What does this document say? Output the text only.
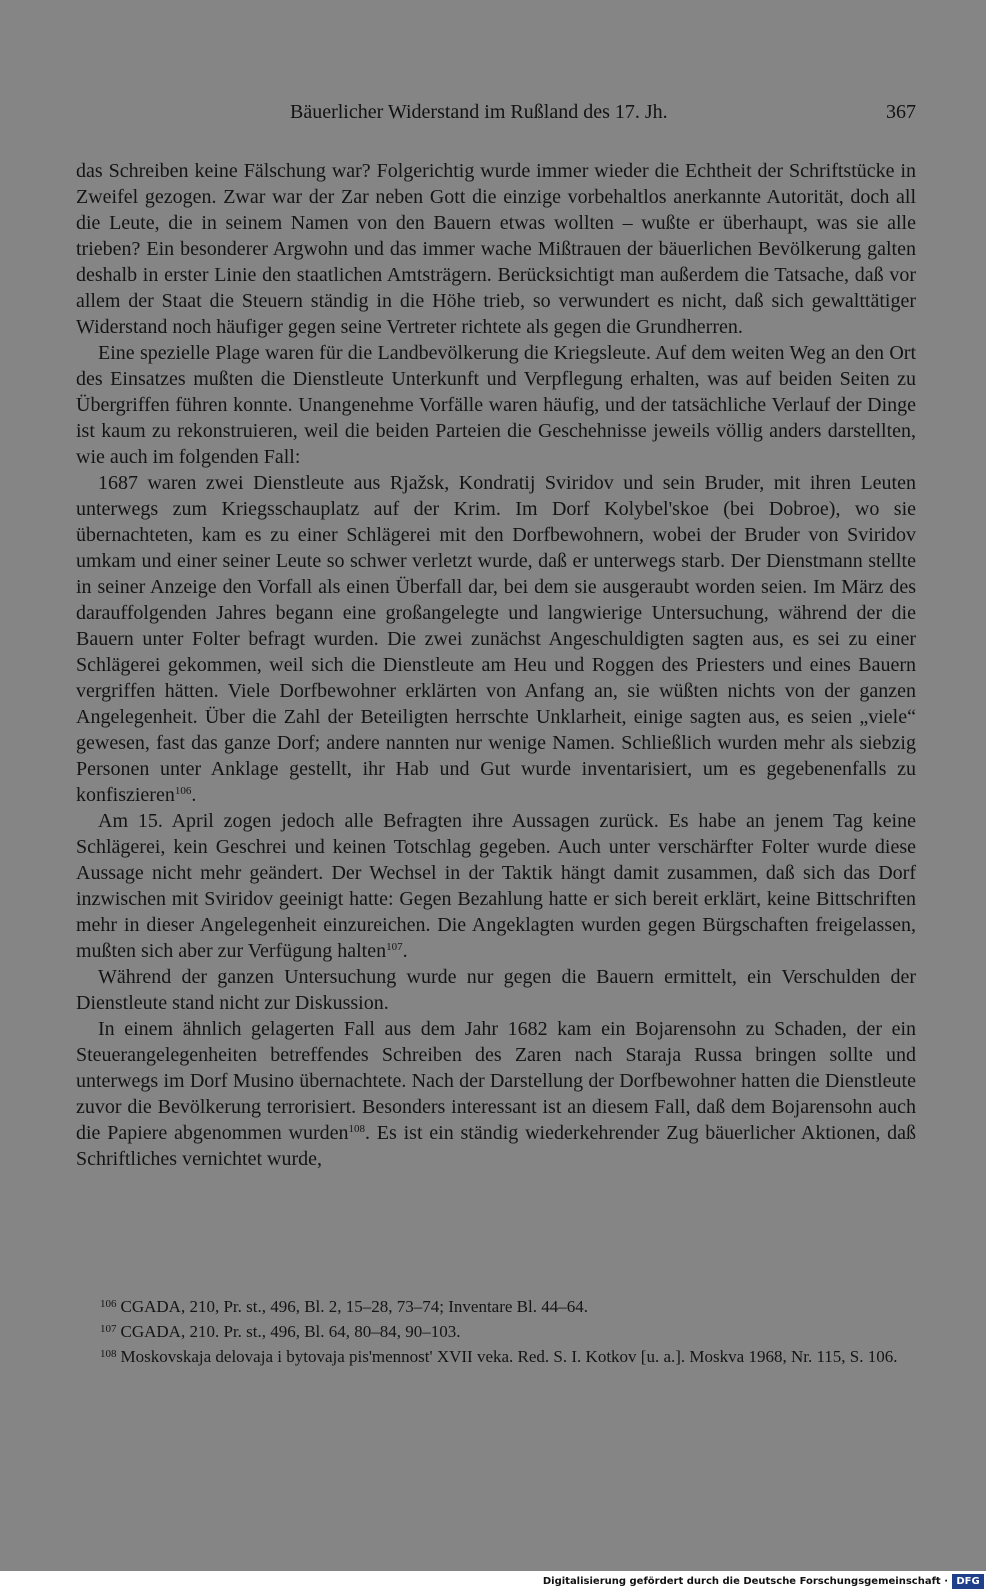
Bäuerlicher Widerstand im Rußland des 17. Jh.	367

das Schreiben keine Fälschung war? Folgerichtig wurde immer wieder die Echtheit der Schriftstücke in Zweifel gezogen. Zwar war der Zar neben Gott die einzige vorbehaltlos anerkannte Autorität, doch all die Leute, die in seinem Namen von den Bauern etwas wollten – wußte er überhaupt, was sie alle trieben? Ein besonderer Argwohn und das immer wache Mißtrauen der bäuerlichen Bevölkerung galten deshalb in erster Linie den staatlichen Amtsträgern. Berücksichtigt man außerdem die Tatsache, daß vor allem der Staat die Steuern ständig in die Höhe trieb, so verwundert es nicht, daß sich gewalttätiger Widerstand noch häufiger gegen seine Vertreter richtete als gegen die Grundherren.

Eine spezielle Plage waren für die Landbevölkerung die Kriegsleute. Auf dem weiten Weg an den Ort des Einsatzes mußten die Dienstleute Unterkunft und Verpflegung erhalten, was auf beiden Seiten zu Übergriffen führen konnte. Unangenehme Vorfälle waren häufig, und der tatsächliche Verlauf der Dinge ist kaum zu rekonstruieren, weil die beiden Parteien die Geschehnisse jeweils völlig anders darstellten, wie auch im folgenden Fall:

1687 waren zwei Dienstleute aus Rjažsk, Kondratij Sviridov und sein Bruder, mit ihren Leuten unterwegs zum Kriegsschauplatz auf der Krim. Im Dorf Kolybel'skoe (bei Dobroe), wo sie übernachteten, kam es zu einer Schlägerei mit den Dorfbewohnern, wobei der Bruder von Sviridov umkam und einer seiner Leute so schwer verletzt wurde, daß er unterwegs starb. Der Dienstmann stellte in seiner Anzeige den Vorfall als einen Überfall dar, bei dem sie ausgeraubt worden seien. Im März des darauffolgenden Jahres begann eine großangelegte und langwierige Untersuchung, während der die Bauern unter Folter befragt wurden. Die zwei zunächst Angeschuldigten sagten aus, es sei zu einer Schlägerei gekommen, weil sich die Dienstleute am Heu und Roggen des Priesters und eines Bauern vergriffen hätten. Viele Dorfbewohner erklärten von Anfang an, sie wüßten nichts von der ganzen Angelegenheit. Über die Zahl der Beteiligten herrschte Unklarheit, einige sagten aus, es seien „viele“ gewesen, fast das ganze Dorf; andere nannten nur wenige Namen. Schließlich wurden mehr als siebzig Personen unter Anklage gestellt, ihr Hab und Gut wurde inventarisiert, um es gegebenenfalls zu konfiszieren$^{106}$.

Am 15. April zogen jedoch alle Befragten ihre Aussagen zurück. Es habe an jenem Tag keine Schlägerei, kein Geschrei und keinen Totschlag gegeben. Auch unter verschärfter Folter wurde diese Aussage nicht mehr geändert. Der Wechsel in der Taktik hängt damit zusammen, daß sich das Dorf inzwischen mit Sviridov geeinigt hatte: Gegen Bezahlung hatte er sich bereit erklärt, keine Bittschriften mehr in dieser Angelegenheit einzureichen. Die Angeklagten wurden gegen Bürgschaften freigelassen, mußten sich aber zur Verfügung halten$^{107}$.

Während der ganzen Untersuchung wurde nur gegen die Bauern ermittelt, ein Verschulden der Dienstleute stand nicht zur Diskussion.

In einem ähnlich gelagerten Fall aus dem Jahr 1682 kam ein Bojarensohn zu Schaden, der ein Steuerangelegenheiten betreffendes Schreiben des Zaren nach Staraja Russa bringen sollte und unterwegs im Dorf Musino übernachtete. Nach der Darstellung der Dorfbewohner hatten die Dienstleute zuvor die Bevölkerung terrorisiert. Besonders interessant ist an diesem Fall, daß dem Bojarensohn auch die Papiere abgenommen wurden$^{108}$. Es ist ein ständig wiederkehrender Zug bäuerlicher Aktionen, daß Schriftliches vernichtet wurde,

$^{106}$ CGADA, 210, Pr. st., 496, Bl. 2, 15–28, 73–74; Inventare Bl. 44–64.

$^{107}$ CGADA, 210. Pr. st., 496, Bl. 64, 80–84, 90–103.

$^{108}$ Moskovskaja delovaja i bytovaja pis'mennost' XVII veka. Red. S. I. Kotkov [u. a.]. Moskva 1968, Nr. 115, S. 106.

Digitalisierung gefördert durch die Deutsche Forschungsgemeinschaft · DFG
